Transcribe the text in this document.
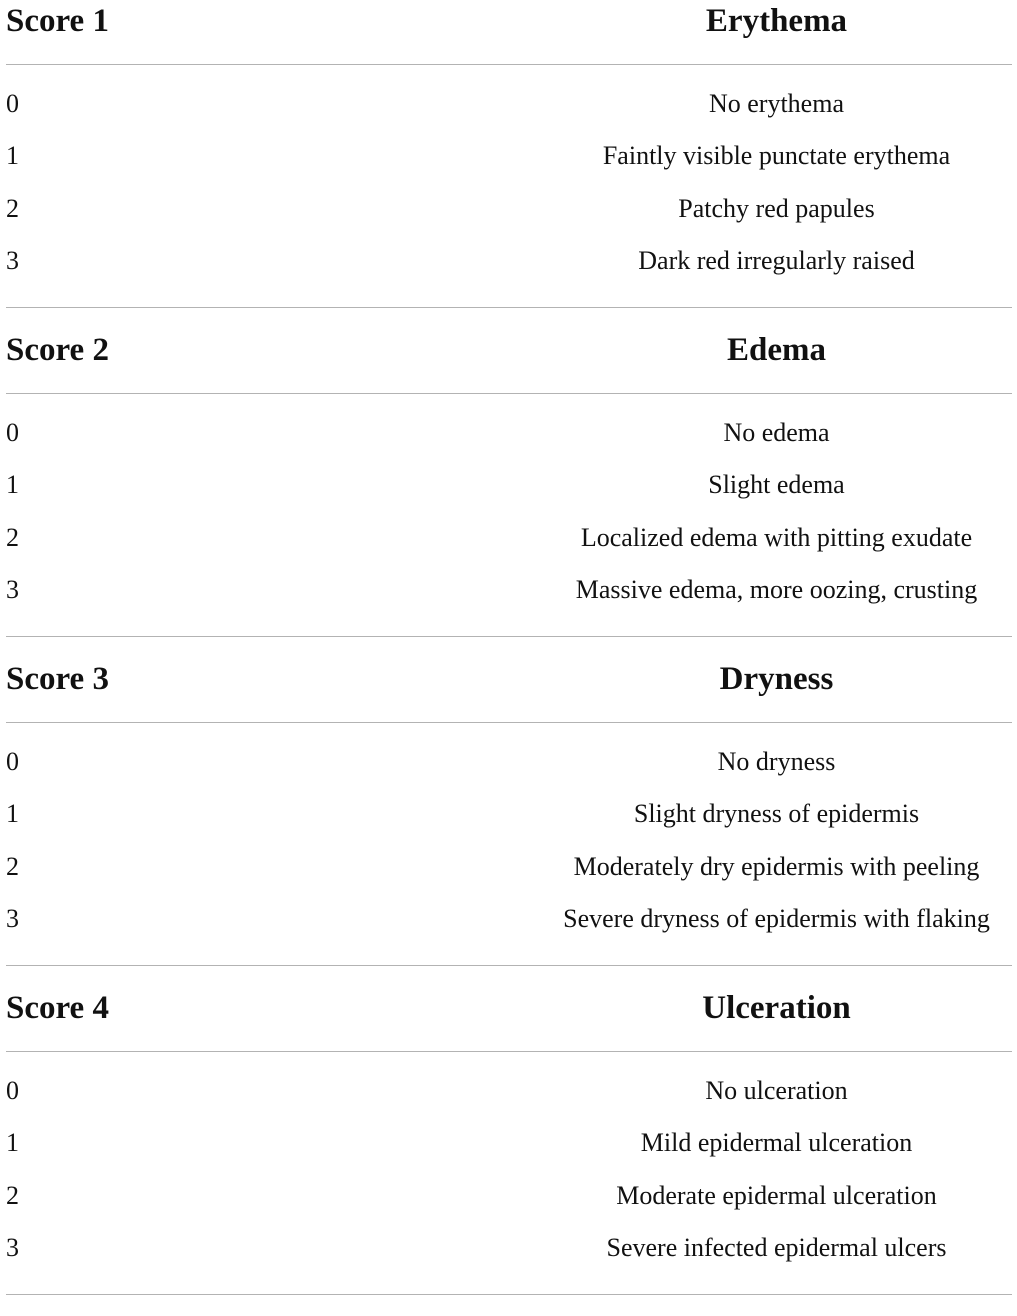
Score 1	Erythema
0	No erythema
1	Faintly visible punctate erythema
2	Patchy red papules
3	Dark red irregularly raised
Score 2	Edema
0	No edema
1	Slight edema
2	Localized edema with pitting exudate
3	Massive edema, more oozing, crusting
Score 3	Dryness
0	No dryness
1	Slight dryness of epidermis
2	Moderately dry epidermis with peeling
3	Severe dryness of epidermis with flaking
Score 4	Ulceration
0	No ulceration
1	Mild epidermal ulceration
2	Moderate epidermal ulceration
3	Severe infected epidermal ulcers
